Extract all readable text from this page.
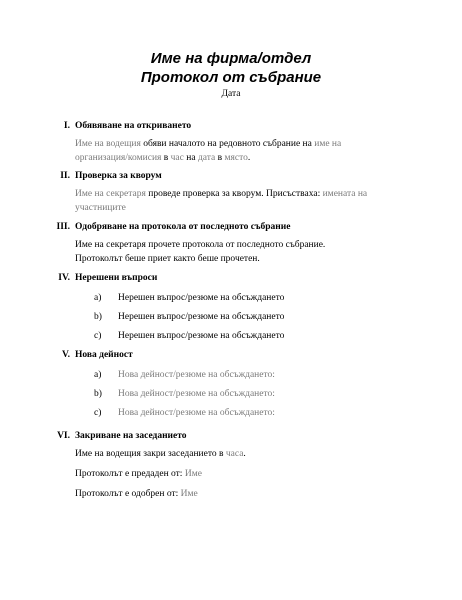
Име на фирма/отдел
Протокол от събрание
Дата
I. Обявяване на откриването
Име на водещия обяви началото на редовното събрание на име на организация/комисия в час на дата в място.
II. Проверка за кворум
Име на секретаря проведе проверка за кворум. Присъстваха: имената на участниците
III. Одобряване на протокола от последното събрание
Име на секретаря прочете протокола от последното събрание. Протоколът беше приет както беше прочетен.
IV. Нерешени въпроси
a) Нерешен въпрос/резюме на обсъждането
b) Нерешен въпрос/резюме на обсъждането
c) Нерешен въпрос/резюме на обсъждането
V. Нова дейност
a) Нова дейност/резюме на обсъждането:
b) Нова дейност/резюме на обсъждането:
c) Нова дейност/резюме на обсъждането:
VI. Закриване на заседанието
Име на водещия закри заседанието в часа.
Протоколът е предаден от: Име
Протоколът е одобрен от: Име
